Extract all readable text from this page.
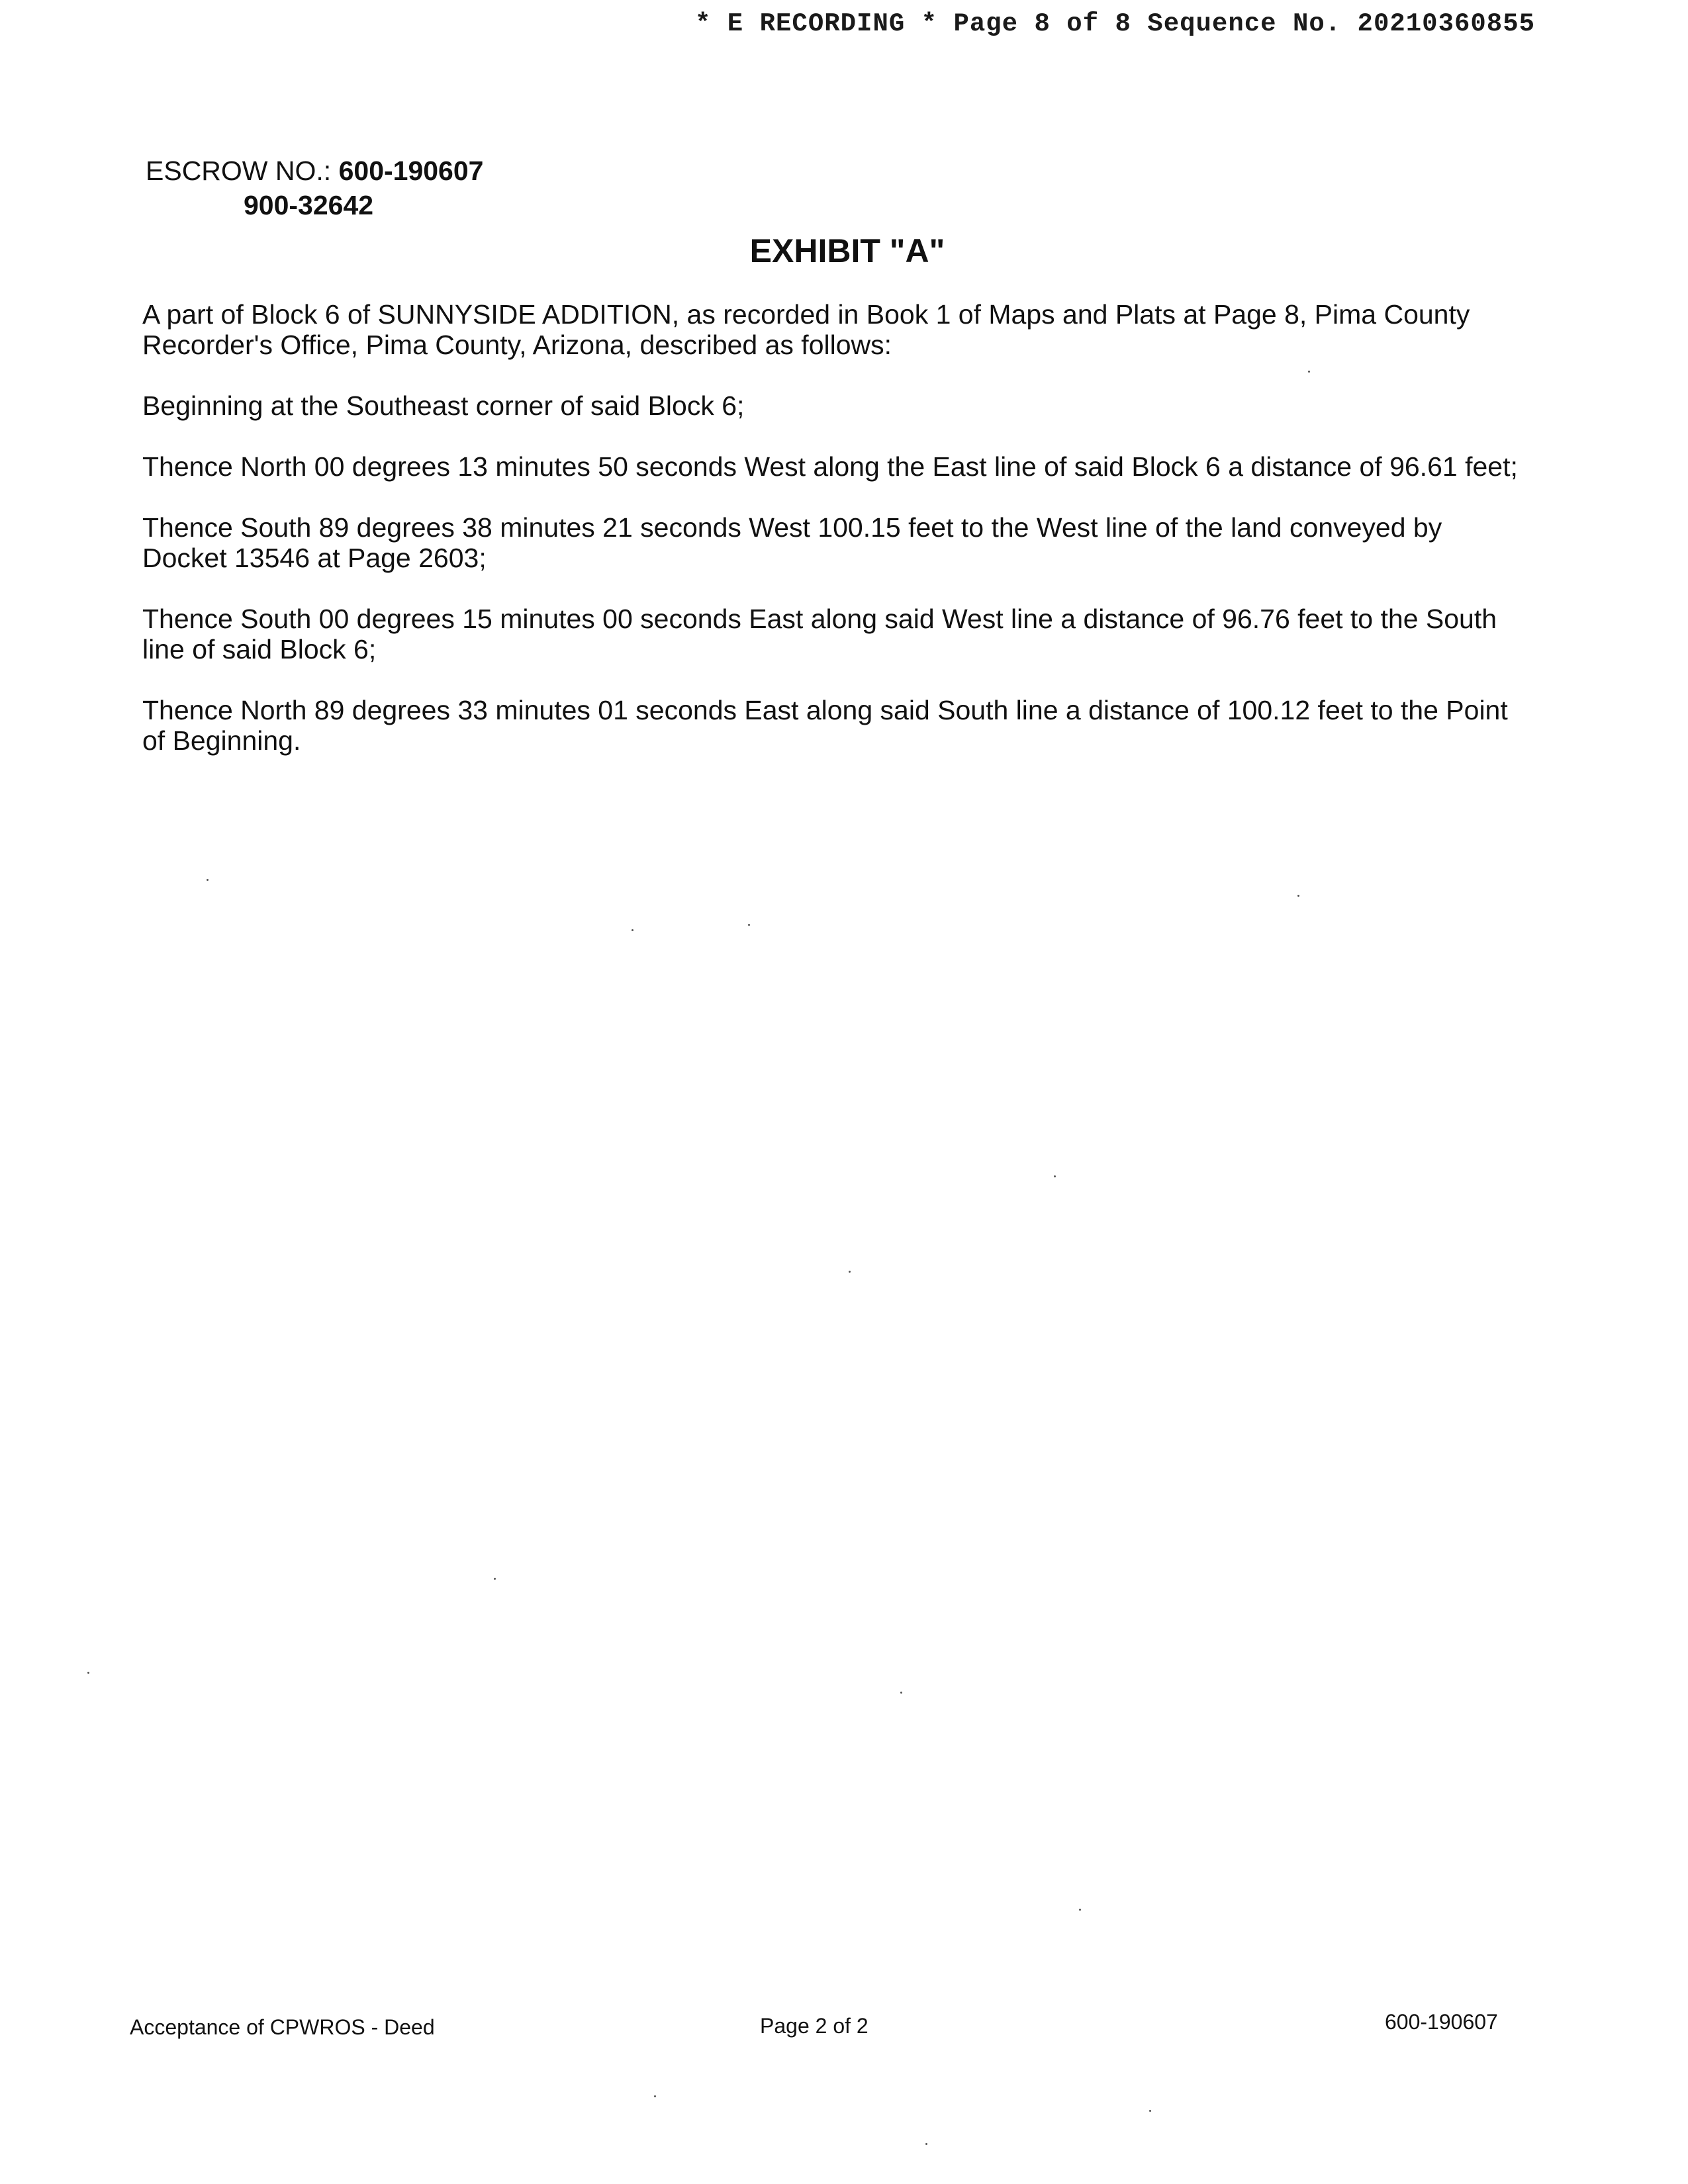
* E RECORDING * Page 8 of 8 Sequence No. 20210360855
ESCROW NO.: 600-190607
900-32642
EXHIBIT "A"

A part of Block 6 of SUNNYSIDE ADDITION, as recorded in Book 1 of Maps and Plats at Page 8, Pima County Recorder's Office, Pima County, Arizona, described as follows:

Beginning at the Southeast corner of said Block 6;

Thence North 00 degrees 13 minutes 50 seconds West along the East line of said Block 6 a distance of 96.61 feet;

Thence South 89 degrees 38 minutes 21 seconds West 100.15 feet to the West line of the land conveyed by Docket 13546 at Page 2603;

Thence South 00 degrees 15 minutes 00 seconds East along said West line a distance of 96.76 feet to the South line of said Block 6;

Thence North 89 degrees 33 minutes 01 seconds East along said South line a distance of 100.12 feet to the Point of Beginning.

Acceptance of CPWROS - Deed	Page 2 of 2	600-190607
